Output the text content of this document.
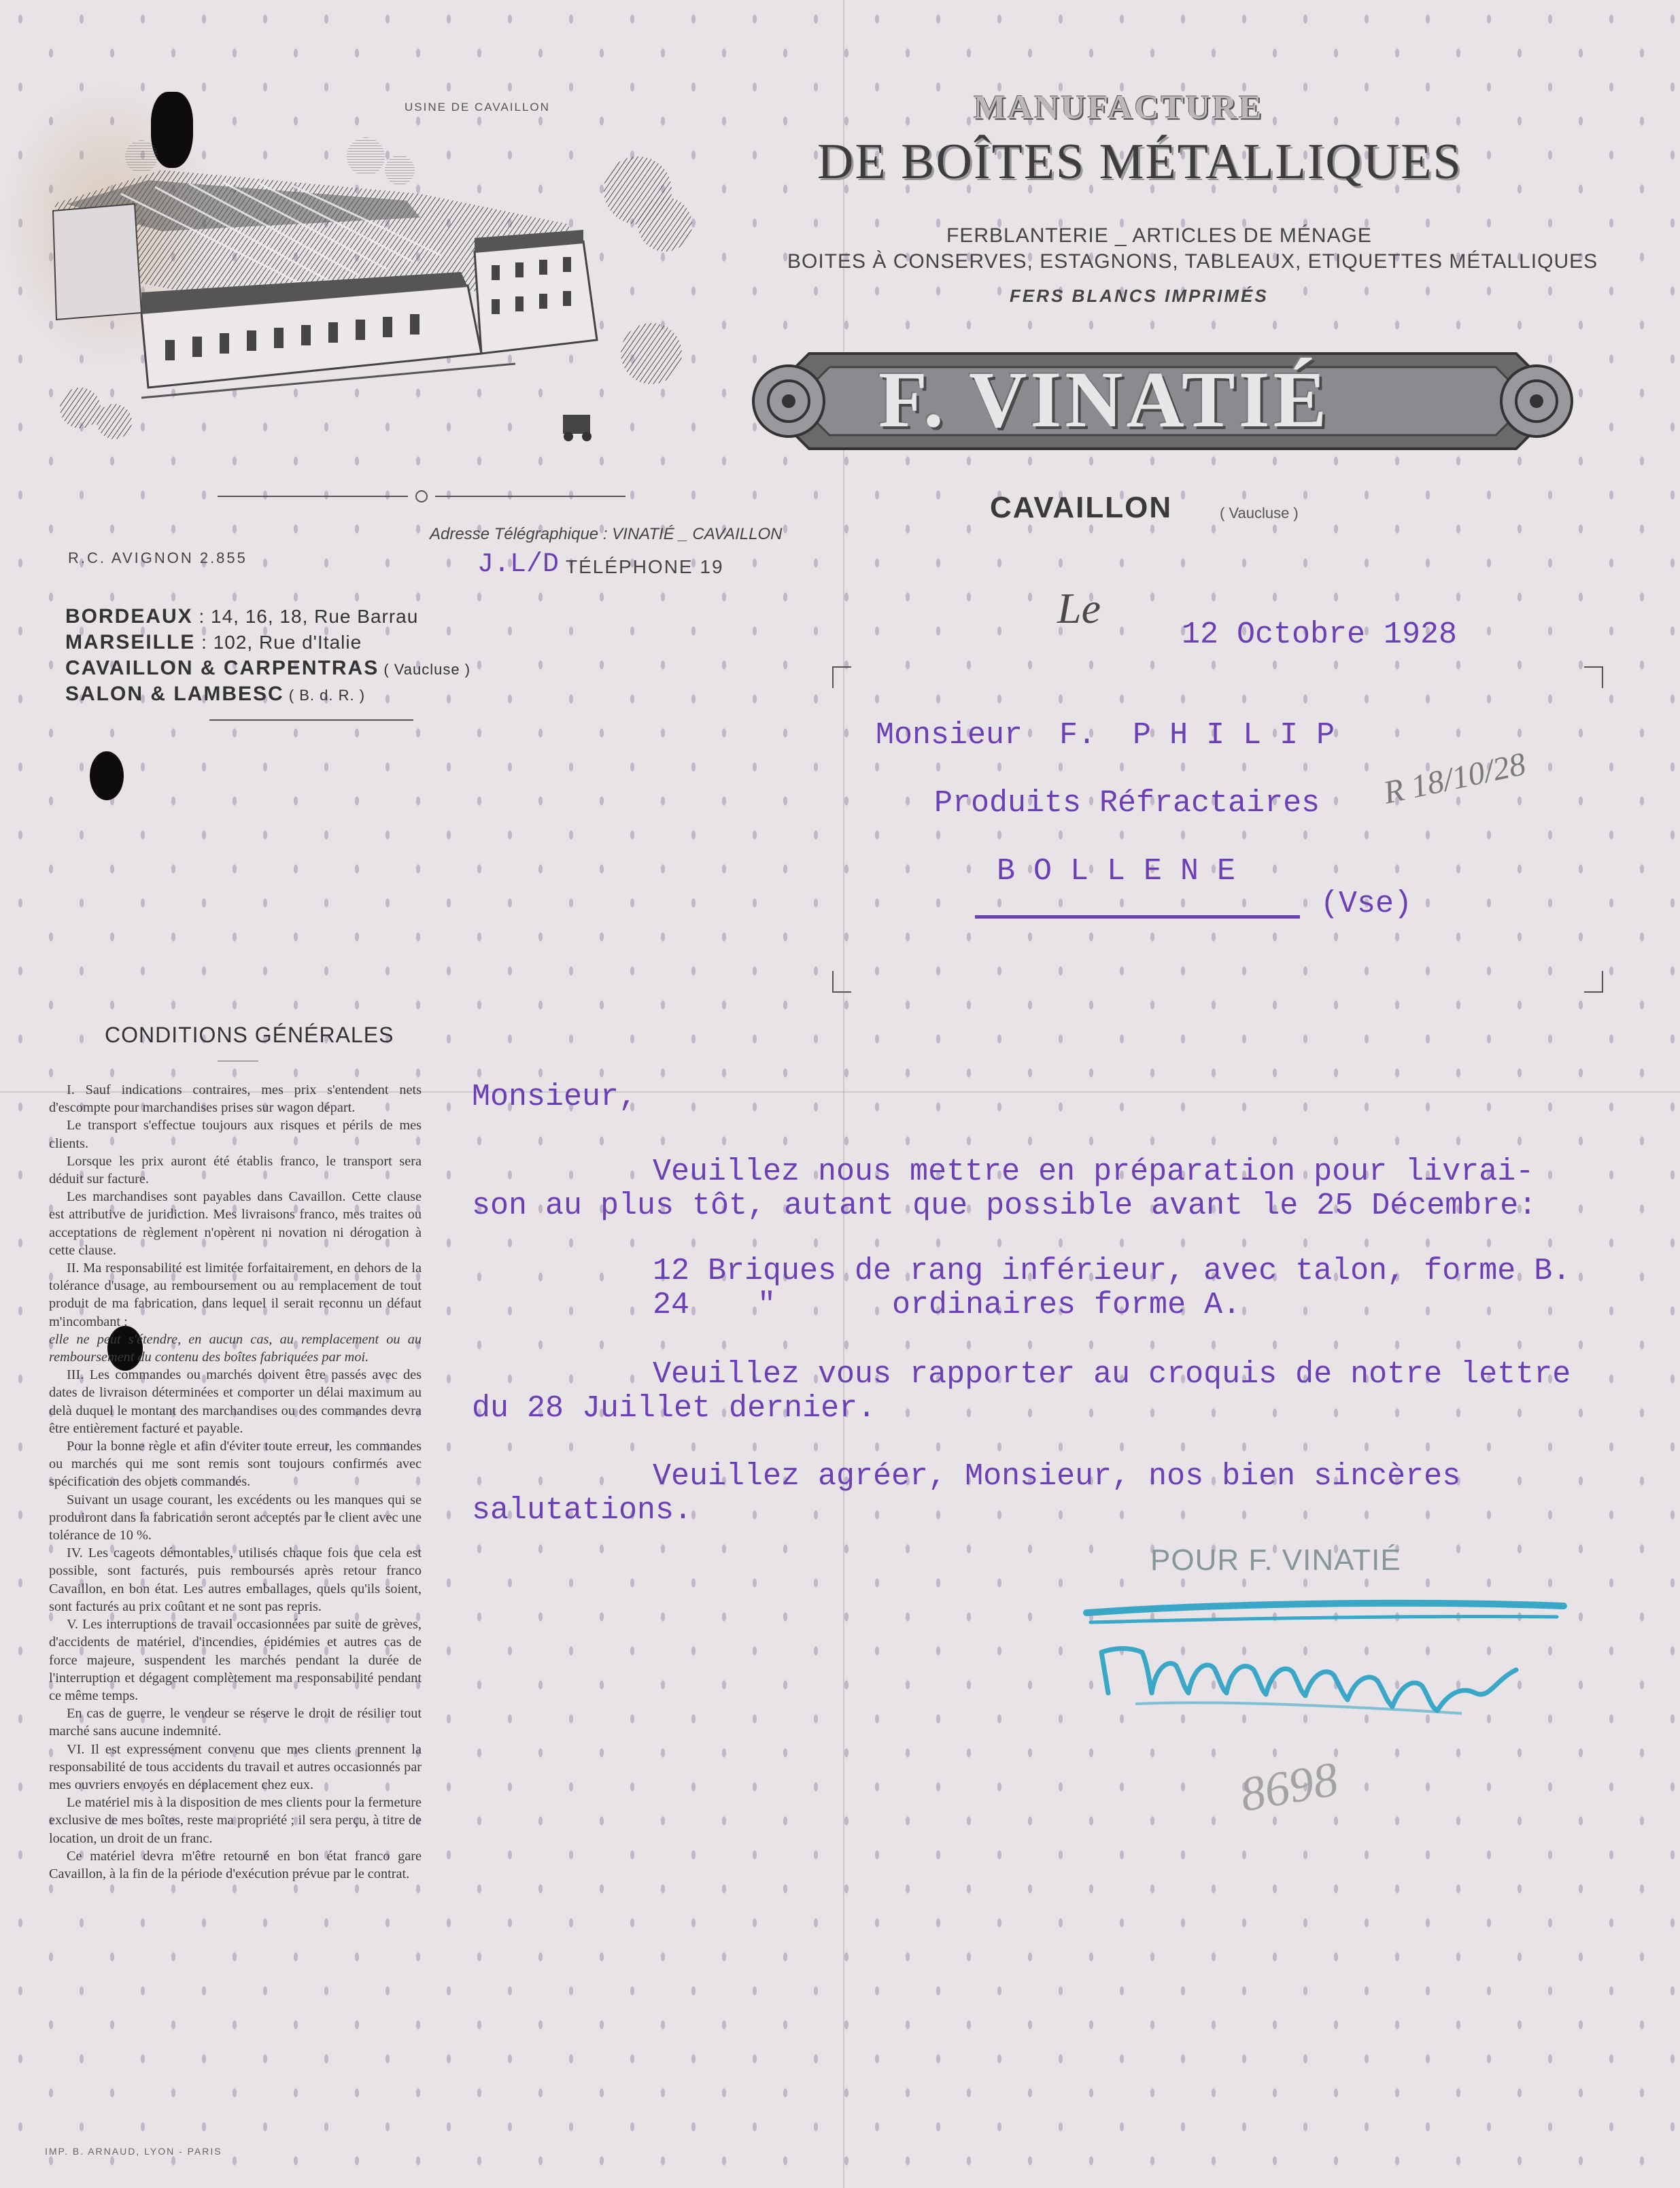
USINE DE CAVAILLON	MANUFACTURE
DE BOÎTES MÉTALLIQUES
FERBLANTERIE _ ARTICLES DE MÉNAGE
BOITES À CONSERVES, ESTAGNONS, TABLEAUX, ETIQUETTES MÉTALLIQUES
FERS BLANCS IMPRIMÉS
F. VINATIÉ
CAVAILLON	( Vaucluse )
Adresse Télégraphique : VINATIÉ _ CAVAILLON
J.L/D TÉLÉPHONE 19
R.C. AVIGNON 2.855
BORDEAUX : 14, 16, 18, Rue Barrau
MARSEILLE : 102, Rue d'Italie
CAVAILLON & CARPENTRAS ( Vaucluse )
SALON & LAMBESC ( B. d. R. )
Le
12 Octobre 1928
Monsieur  F.  P H I L I P
Produits Réfractaires
B O L L E N E
(Vse)
R 18/10/28
Monsieur,
Veuillez nous mettre en préparation pour livrai-
son au plus tôt, autant que possible avant le 25 Décembre:
12 Briques de rang inférieur, avec talon, forme B.
24 "	ordinaires forme A.
Veuillez vous rapporter au croquis de notre lettre
du 28 Juillet dernier.
Veuillez agréer, Monsieur, nos bien sincères
salutations.
POUR F. VINATIÉ
8698
CONDITIONS GÉNÉRALES

I. Sauf indications contraires, mes prix s'entendent nets d'escompte pour marchandises prises sur wagon départ.

Le transport s'effectue toujours aux risques et périls de mes clients.

Lorsque les prix auront été établis franco, le transport sera déduit sur facture.

Les marchandises sont payables dans Cavaillon. Cette clause est attributive de juridiction. Mes livraisons franco, mes traites ou acceptations de règlement n'opèrent ni novation ni dérogation à cette clause.

II. Ma responsabilité est limitée forfaitairement, en dehors de la tolérance d'usage, au remboursement ou au remplacement de tout produit de ma fabrication, dans lequel il serait reconnu un défaut m'incombant ;

elle ne peut s'étendre, en aucun cas, au remplacement ou au remboursement du contenu des boîtes fabriquées par moi.

III. Les commandes ou marchés doivent être passés avec des dates de livraison déterminées et comporter un délai maximum au delà duquel le montant des marchandises ou des commandes devra être entièrement facturé et payable.

Pour la bonne règle et afin d'éviter toute erreur, les commandes ou marchés qui me sont remis sont toujours confirmés avec spécification des objets commandés.

Suivant un usage courant, les excédents ou les manques qui se produiront dans la fabrication seront acceptés par le client avec une tolérance de 10 %.

IV. Les cageots démontables, utilisés chaque fois que cela est possible, sont facturés, puis remboursés après retour franco Cavaillon, en bon état. Les autres emballages, quels qu'ils soient, sont facturés au prix coûtant et ne sont pas repris.

V. Les interruptions de travail occasionnées par suite de grèves, d'accidents de matériel, d'incendies, épidémies et autres cas de force majeure, suspendent les marchés pendant la durée de l'interruption et dégagent complètement ma responsabilité pendant ce même temps.

En cas de guerre, le vendeur se réserve le droit de résilier tout marché sans aucune indemnité.

VI. Il est expressément convenu que mes clients prennent la responsabilité de tous accidents du travail et autres occasionnés par mes ouvriers envoyés en déplacement chez eux.

Le matériel mis à la disposition de mes clients pour la fermeture exclusive de mes boîtes, reste ma propriété ; il sera perçu, à titre de location, un droit de un franc.

Ce matériel devra m'être retourné en bon état franco gare Cavaillon, à la fin de la période d'exécution prévue par le contrat.

IMP. B. ARNAUD, LYON - PARIS
